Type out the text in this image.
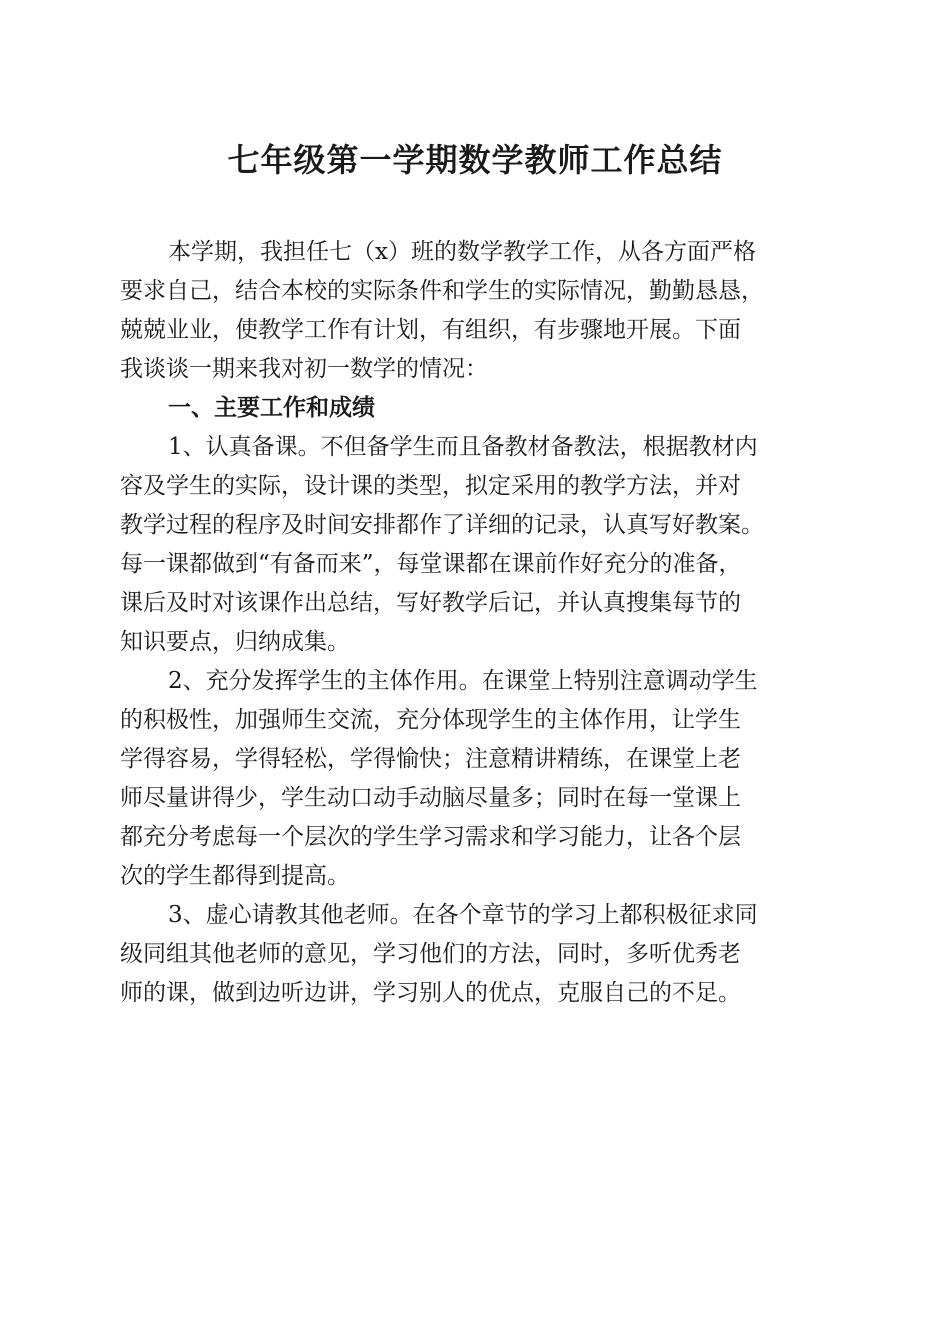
七年级第一学期数学教师工作总结
本学期，我担任七（x）班的数学教学工作，从各方面严格
要求自己，结合本校的实际条件和学生的实际情况，勤勤恳恳，
兢兢业业，使教学工作有计划，有组织，有步骤地开展。下面
我谈谈一期来我对初一数学的情况：
一、主要工作和成绩
1、认真备课。不但备学生而且备教材备教法，根据教材内
容及学生的实际，设计课的类型，拟定采用的教学方法，并对
教学过程的程序及时间安排都作了详细的记录，认真写好教案。
每一课都做到“有备而来”，每堂课都在课前作好充分的准备，
课后及时对该课作出总结，写好教学后记，并认真搜集每节的
知识要点，归纳成集。
2、充分发挥学生的主体作用。在课堂上特别注意调动学生
的积极性，加强师生交流，充分体现学生的主体作用，让学生
学得容易，学得轻松，学得愉快；注意精讲精练，在课堂上老
师尽量讲得少，学生动口动手动脑尽量多；同时在每一堂课上
都充分考虑每一个层次的学生学习需求和学习能力，让各个层
次的学生都得到提高。
3、虚心请教其他老师。在各个章节的学习上都积极征求同
级同组其他老师的意见，学习他们的方法，同时，多听优秀老
师的课，做到边听边讲，学习别人的优点，克服自己的不足。
